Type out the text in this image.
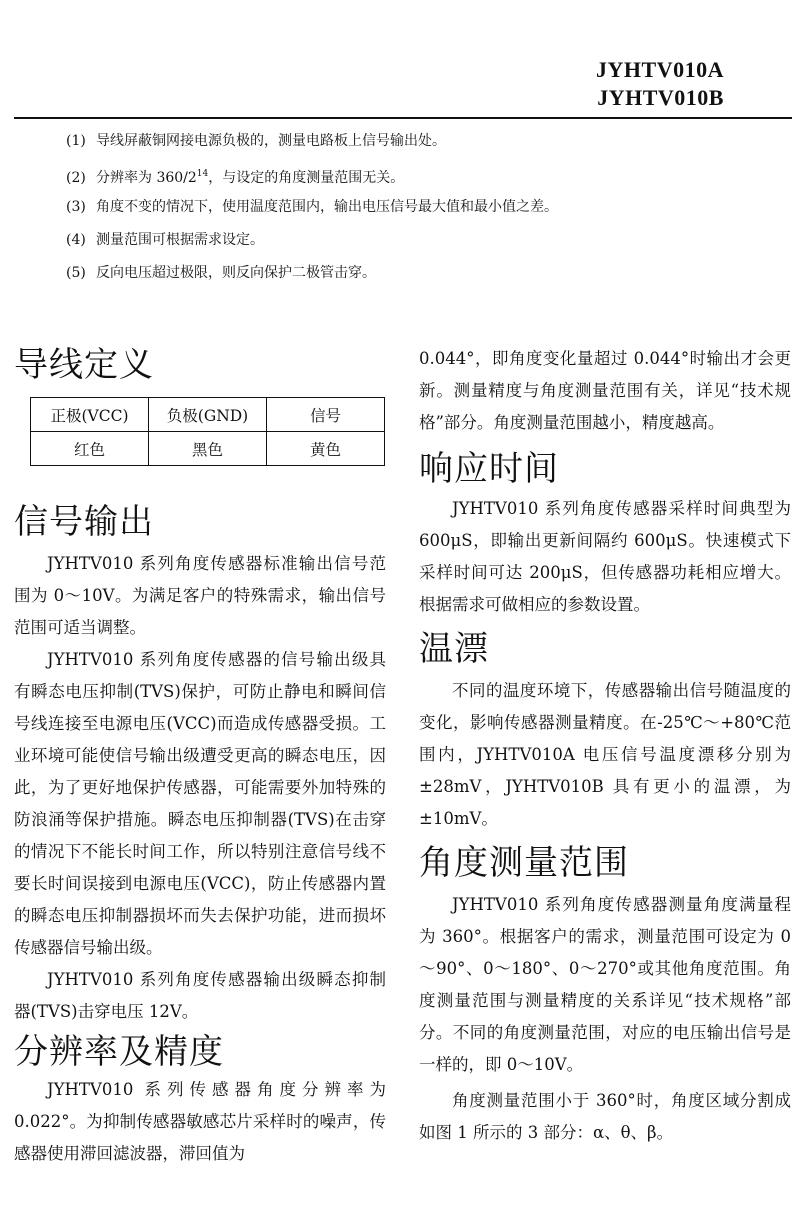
JYHTV010A
JYHTV010B
(1) 导线屏蔽铜网接电源负极的，测量电路板上信号输出处。
(2) 分辨率为 $360/2^{14}$，与设定的角度测量范围无关。
(3) 角度不变的情况下，使用温度范围内，输出电压信号最大值和最小值之差。
(4) 测量范围可根据需求设定。
(5) 反向电压超过极限，则反向保护二极管击穿。
导线定义
正极(VCC)	负极(GND)	信号
红色	黑色	黄色
信号输出

JYHTV010 系列角度传感器标准输出信号范围为 0～10V。为满足客户的特殊需求，输出信号范围可适当调整。

JYHTV010 系列角度传感器的信号输出级具有瞬态电压抑制(TVS)保护，可防止静电和瞬间信号线连接至电源电压(VCC)而造成传感器受损。工业环境可能使信号输出级遭受更高的瞬态电压，因此，为了更好地保护传感器，可能需要外加特殊的防浪涌等保护措施。瞬态电压抑制器(TVS)在击穿的情况下不能长时间工作，所以特别注意信号线不要长时间误接到电源电压(VCC)，防止传感器内置的瞬态电压抑制器损坏而失去保护功能，进而损坏传感器信号输出级。

JYHTV010 系列角度传感器输出级瞬态抑制器(TVS)击穿电压 12V。

分辨率及精度

JYHTV010 系列传感器角度分辨率为 0.022°。为抑制传感器敏感芯片采样时的噪声，传感器使用滞回滤波器，滞回值为

0.044°，即角度变化量超过 0.044°时输出才会更新。测量精度与角度测量范围有关，详见“技术规格”部分。角度测量范围越小，精度越高。

响应时间

JYHTV010 系列角度传感器采样时间典型为 600μS，即输出更新间隔约 600μS。快速模式下采样时间可达 200μS，但传感器功耗相应增大。根据需求可做相应的参数设置。

温漂

不同的温度环境下，传感器输出信号随温度的变化，影响传感器测量精度。在-25℃～+80℃范围内，JYHTV010A 电压信号温度漂移分别为±28mV，JYHTV010B 具有更小的温漂，为±10mV。

角度测量范围

JYHTV010 系列角度传感器测量角度满量程为 360°。根据客户的需求，测量范围可设定为 0～90°、0～180°、0～270°或其他角度范围。角度测量范围与测量精度的关系详见“技术规格”部分。不同的角度测量范围，对应的电压输出信号是一样的，即 0～10V。

角度测量范围小于 360°时，角度区域分割成如图 1 所示的 3 部分：α、θ、β。
